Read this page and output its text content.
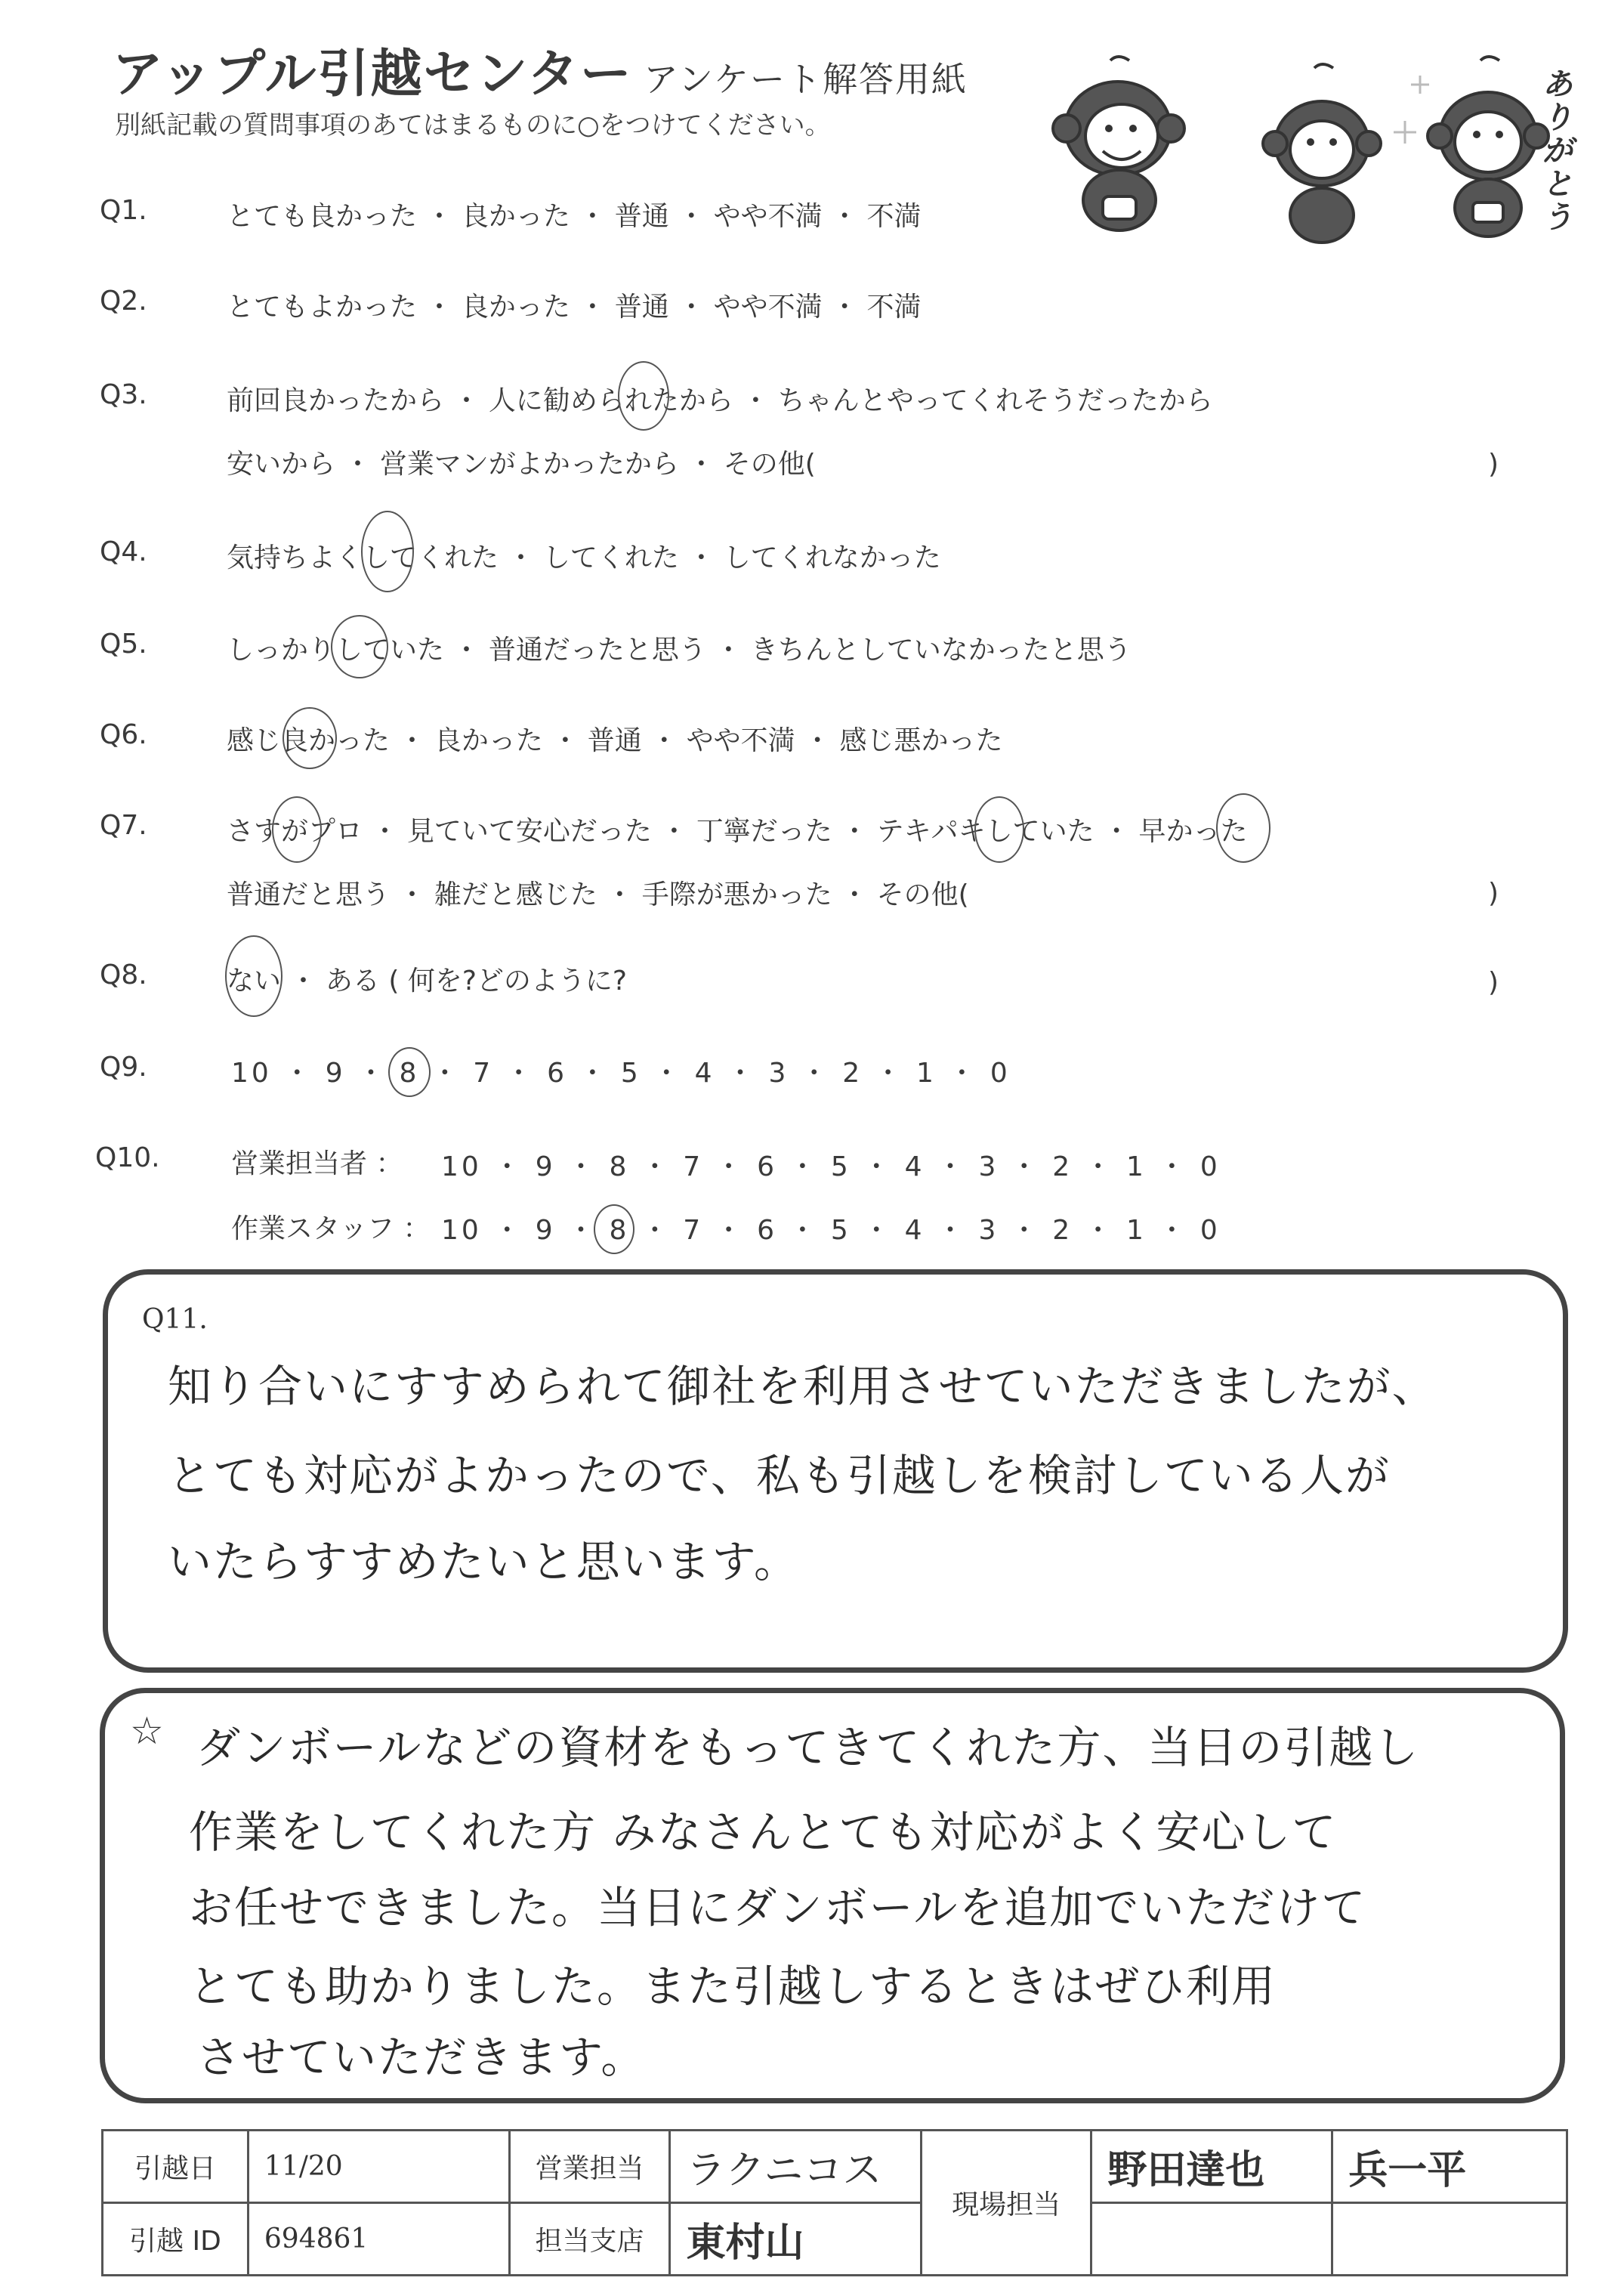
アップル引越センター アンケート解答用紙
別紙記載の質問事項のあてはまるものに○をつけてください。
ありがとう
Q1.	とても良かった ・ 良かった ・ 普通 ・ やや不満 ・ 不満
Q2.	とてもよかった ・ 良かった ・ 普通 ・ やや不満 ・ 不満
Q3.	前回良かったから ・ 人に勧められたから ・ ちゃんとやってくれそうだったから
安いから ・ 営業マンがよかったから ・ その他(	)
Q4.	気持ちよくしてくれた ・ してくれた ・ してくれなかった
Q5.	しっかりしていた ・ 普通だったと思う ・ きちんとしていなかったと思う
Q6.	感じ良かった ・ 良かった ・ 普通 ・ やや不満 ・ 感じ悪かった
Q7.	さすがプロ ・ 見ていて安心だった ・ 丁寧だった ・ テキパキしていた ・ 早かった
普通だと思う ・ 雑だと感じた ・ 手際が悪かった ・ その他(	)
Q8.	ない ・ ある ( 何を?どのように?	)
Q9.	10 ・ 9 ・ 8 ・ 7 ・ 6 ・ 5 ・ 4 ・ 3 ・ 2 ・ 1 ・ 0
Q10.	営業担当者 ： 10 ・ 9 ・ 8 ・ 7 ・ 6 ・ 5 ・ 4 ・ 3 ・ 2 ・ 1 ・ 0
作業スタッフ ： 10 ・ 9 ・ 8 ・ 7 ・ 6 ・ 5 ・ 4 ・ 3 ・ 2 ・ 1 ・ 0
Q11.
知り合いにすすめられて御社を利用させていただきましたが、
とても対応がよかったので、私も引越しを検討している人が
いたらすすめたいと思います。
☆ ダンボールなどの資材をもってきてくれた方、当日の引越し
作業をしてくれた方 みなさんとても対応がよく安心して
お任せできました。当日にダンボールを追加でいただけて
とても助かりました。また引越しするときはぜひ利用
させていただきます。
引越日	11/20	営業担当	ラクニコス	現場担当	野田達也	兵一平
引越 ID	694861	担当支店	東村山			
